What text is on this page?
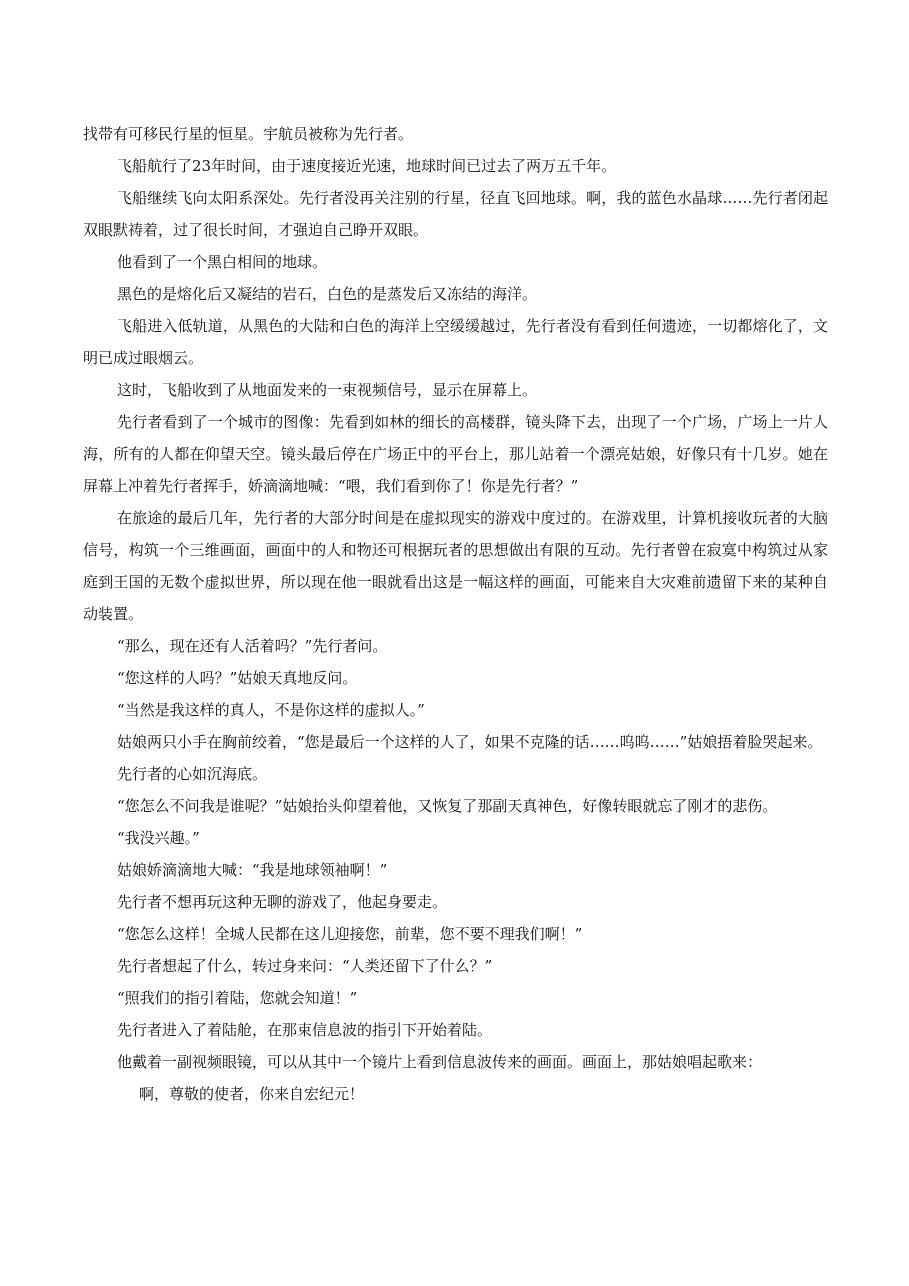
找带有可移民行星的恒星。宇航员被称为先行者。

飞船航行了23年时间，由于速度接近光速，地球时间已过去了两万五千年。

飞船继续飞向太阳系深处。先行者没再关注别的行星，径直飞回地球。啊，我的蓝色水晶球……先行者闭起双眼默祷着，过了很长时间，才强迫自己睁开双眼。

他看到了一个黑白相间的地球。

黑色的是熔化后又凝结的岩石，白色的是蒸发后又冻结的海洋。

飞船进入低轨道，从黑色的大陆和白色的海洋上空缓缓越过，先行者没有看到任何遗迹，一切都熔化了，文明已成过眼烟云。

这时，飞船收到了从地面发来的一束视频信号，显示在屏幕上。

先行者看到了一个城市的图像：先看到如林的细长的高楼群，镜头降下去，出现了一个广场，广场上一片人海，所有的人都在仰望天空。镜头最后停在广场正中的平台上，那儿站着一个漂亮姑娘，好像只有十几岁。她在屏幕上冲着先行者挥手，娇滴滴地喊：“喂，我们看到你了！你是先行者？”

在旅途的最后几年，先行者的大部分时间是在虚拟现实的游戏中度过的。在游戏里，计算机接收玩者的大脑信号，构筑一个三维画面，画面中的人和物还可根据玩者的思想做出有限的互动。先行者曾在寂寞中构筑过从家庭到王国的无数个虚拟世界，所以现在他一眼就看出这是一幅这样的画面，可能来自大灾难前遗留下来的某种自动装置。

“那么，现在还有人活着吗？”先行者问。

“您这样的人吗？”姑娘天真地反问。

“当然是我这样的真人，不是你这样的虚拟人。”

姑娘两只小手在胸前绞着，“您是最后一个这样的人了，如果不克隆的话……呜呜……”姑娘捂着脸哭起来。

先行者的心如沉海底。

“您怎么不问我是谁呢？”姑娘抬头仰望着他，又恢复了那副天真神色，好像转眼就忘了刚才的悲伤。

“我没兴趣。”

姑娘娇滴滴地大喊：“我是地球领袖啊！”

先行者不想再玩这种无聊的游戏了，他起身要走。

“您怎么这样！全城人民都在这儿迎接您，前辈，您不要不理我们啊！”

先行者想起了什么，转过身来问：“人类还留下了什么？”

“照我们的指引着陆，您就会知道！”

先行者进入了着陆舱，在那束信息波的指引下开始着陆。

他戴着一副视频眼镜，可以从其中一个镜片上看到信息波传来的画面。画面上，那姑娘唱起歌来：

啊，尊敬的使者，你来自宏纪元！
